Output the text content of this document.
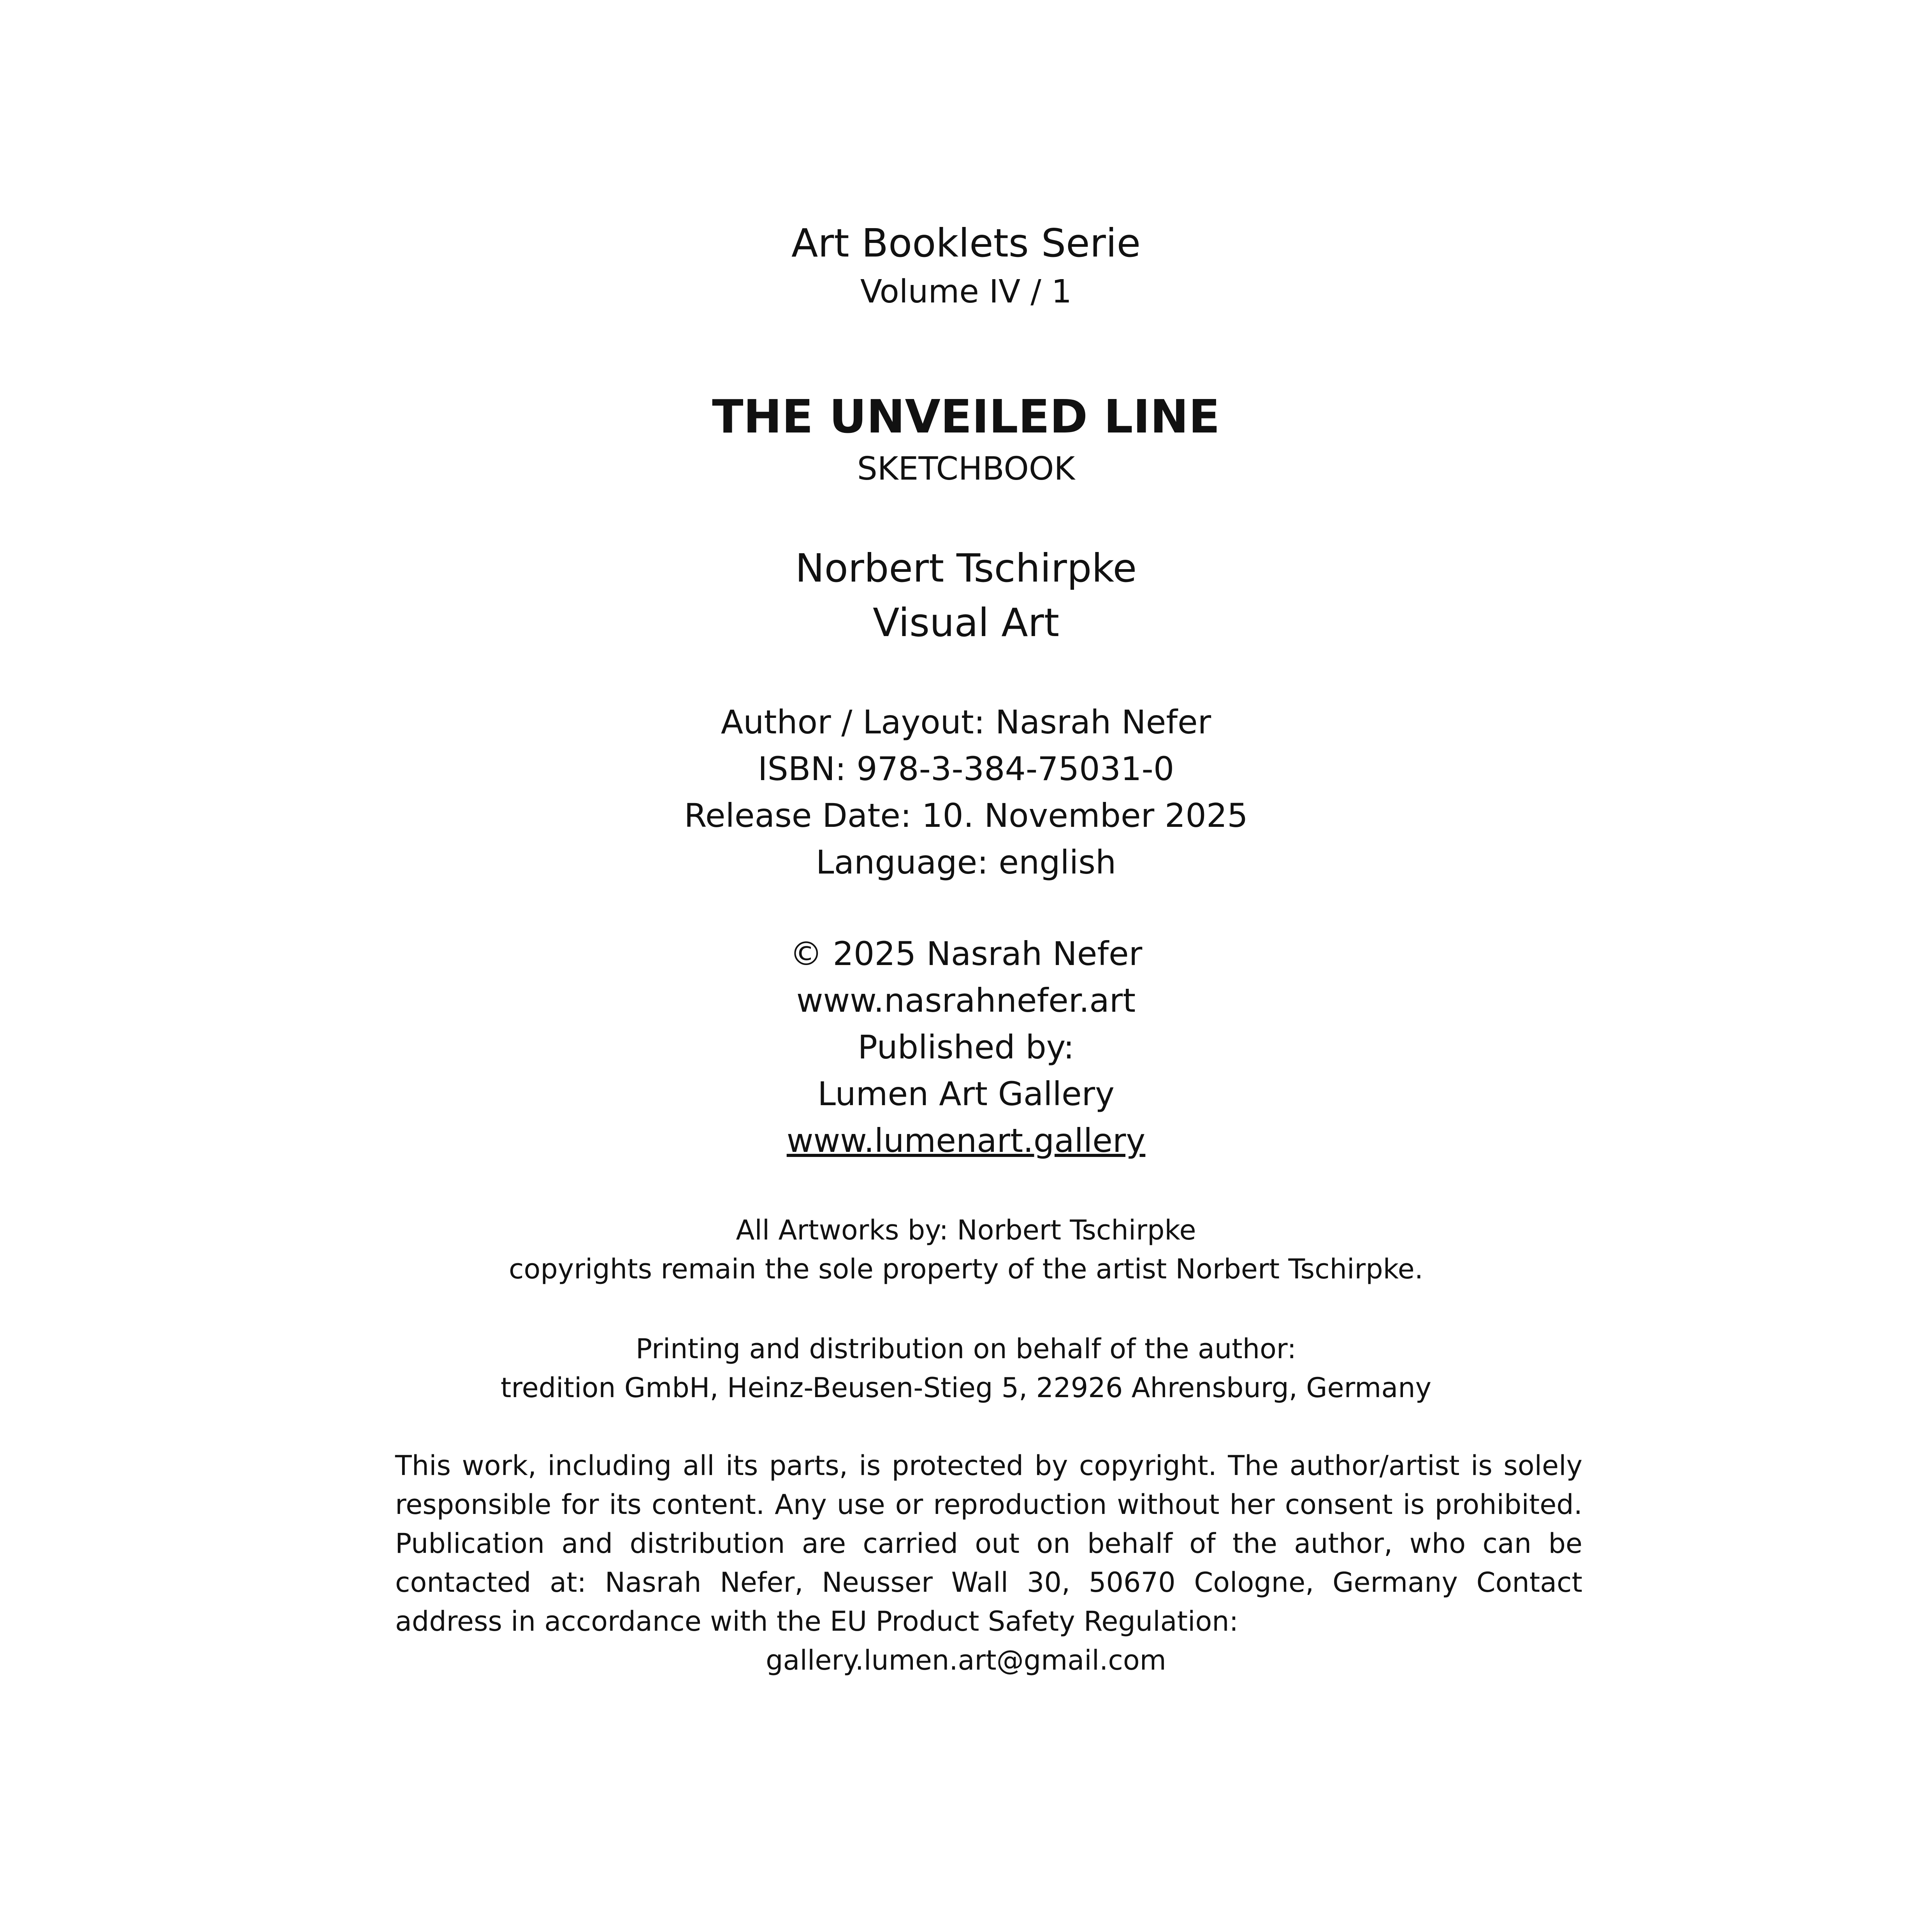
Art Booklets Serie
Volume IV / 1
THE UNVEILED LINE
SKETCHBOOK
Norbert Tschirpke
Visual Art
Author / Layout: Nasrah Nefer
ISBN: 978-3-384-75031-0
Release Date: 10. November 2025
Language: english
© 2025 Nasrah Nefer
www.nasrahnefer.art
Published by:
Lumen Art Gallery
www.lumenart.gallery
All Artworks by: Norbert Tschirpke
copyrights remain the sole property of the artist Norbert Tschirpke.
Printing and distribution on behalf of the author:
tredition GmbH, Heinz-Beusen-Stieg 5, 22926 Ahrensburg, Germany
This work, including all its parts, is protected by copyright. The author/artist is solely responsible for its content. Any use or reproduction without her consent is prohibited. Publication and distribution are carried out on behalf of the author, who can be contacted at: Nasrah Nefer, Neusser Wall 30, 50670 Cologne, Germany Contact address in accordance with the EU Product Safety Regulation:
gallery.lumen.art@gmail.com
